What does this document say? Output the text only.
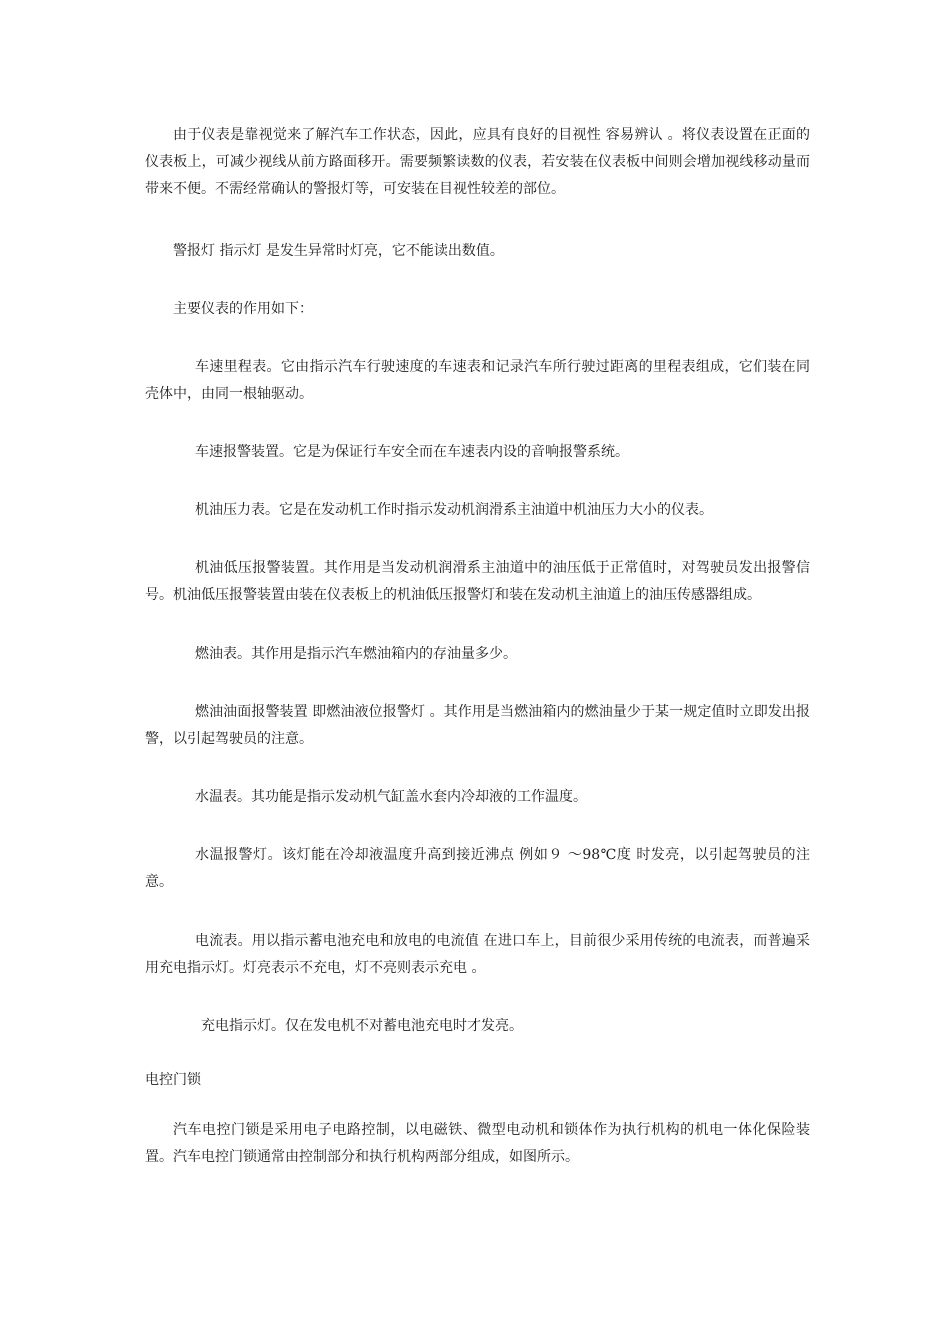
由于仪表是靠视觉来了解汽车工作状态，因此，应具有良好的目视性 容易辨认 。将仪表设置在正面的仪表板上，可减少视线从前方路面移开。需要频繁读数的仪表，若安装在仪表板中间则会增加视线移动量而带来不便。不需经常确认的警报灯等，可安装在目视性较差的部位。

警报灯 指示灯 是发生异常时灯亮，它不能读出数值。

主要仪表的作用如下：

车速里程表。它由指示汽车行驶速度的车速表和记录汽车所行驶过距离的里程表组成，它们装在同壳体中，由同一根轴驱动。

车速报警装置。它是为保证行车安全而在车速表内设的音响报警系统。

机油压力表。它是在发动机工作时指示发动机润滑系主油道中机油压力大小的仪表。

机油低压报警装置。其作用是当发动机润滑系主油道中的油压低于正常值时，对驾驶员发出报警信号。机油低压报警装置由装在仪表板上的机油低压报警灯和装在发动机主油道上的油压传感器组成。

燃油表。其作用是指示汽车燃油箱内的存油量多少。

燃油油面报警装置 即燃油液位报警灯 。其作用是当燃油箱内的燃油量少于某一规定值时立即发出报警，以引起驾驶员的注意。

水温表。其功能是指示发动机气缸盖水套内冷却液的工作温度。

水温报警灯。该灯能在冷却液温度升高到接近沸点 例如９ ～98℃度 时发亮，以引起驾驶员的注意。

电流表。用以指示蓄电池充电和放电的电流值 在进口车上，目前很少采用传统的电流表，而普遍采用充电指示灯。灯亮表示不充电，灯不亮则表示充电 。

充电指示灯。仅在发电机不对蓄电池充电时才发亮。

电控门锁

汽车电控门锁是采用电子电路控制，以电磁铁、微型电动机和锁体作为执行机构的机电一体化保险装置。汽车电控门锁通常由控制部分和执行机构两部分组成，如图所示。
